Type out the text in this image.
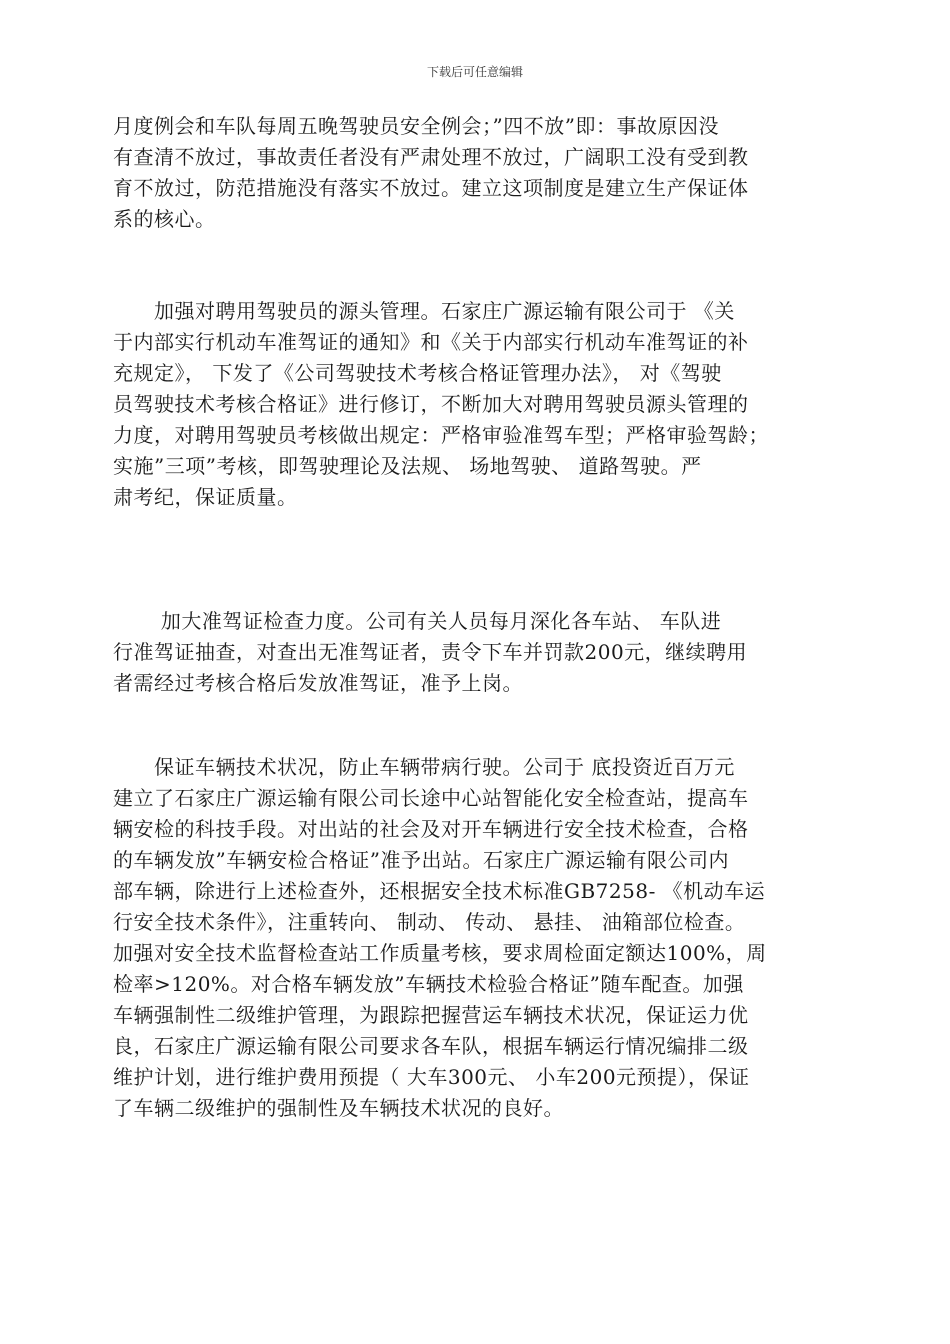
下载后可任意编辑

月度例会和车队每周五晚驾驶员安全例会；”四不放”即：事故原因没
有查清不放过，事故责任者没有严肃处理不放过，广阔职工没有受到教
育不放过，防范措施没有落实不放过。建立这项制度是建立生产保证体
系的核心。

　　加强对聘用驾驶员的源头管理。石家庄广源运输有限公司于 《关
于内部实行机动车准驾证的通知》和《关于内部实行机动车准驾证的补
充规定》， 下发了《公司驾驶技术考核合格证管理办法》， 对《驾驶
员驾驶技术考核合格证》进行修订，不断加大对聘用驾驶员源头管理的
力度，对聘用驾驶员考核做出规定：严格审验准驾车型；严格审验驾龄；
实施”三项”考核，即驾驶理论及法规、 场地驾驶、 道路驾驶。严
肃考纪，保证质量。

　　 加大准驾证检查力度。公司有关人员每月深化各车站、 车队进
行准驾证抽查，对查出无准驾证者，责令下车并罚款200元，继续聘用
者需经过考核合格后发放准驾证，准予上岗。

　　保证车辆技术状况，防止车辆带病行驶。公司于 底投资近百万元
建立了石家庄广源运输有限公司长途中心站智能化安全检查站，提高车
辆安检的科技手段。对出站的社会及对开车辆进行安全技术检查，合格
的车辆发放”车辆安检合格证”准予出站。石家庄广源运输有限公司内
部车辆，除进行上述检查外，还根据安全技术标准GB7258- 《机动车运
行安全技术条件》，注重转向、 制动、 传动、 悬挂、 油箱部位检查。
加强对安全技术监督检查站工作质量考核，要求周检面定额达100%，周
检率>120%。对合格车辆发放”车辆技术检验合格证”随车配查。加强
车辆强制性二级维护管理，为跟踪把握营运车辆技术状况，保证运力优
良，石家庄广源运输有限公司要求各车队，根据车辆运行情况编排二级
维护计划，进行维护费用预提（ 大车300元、 小车200元预提），保证
了车辆二级维护的强制性及车辆技术状况的良好。
